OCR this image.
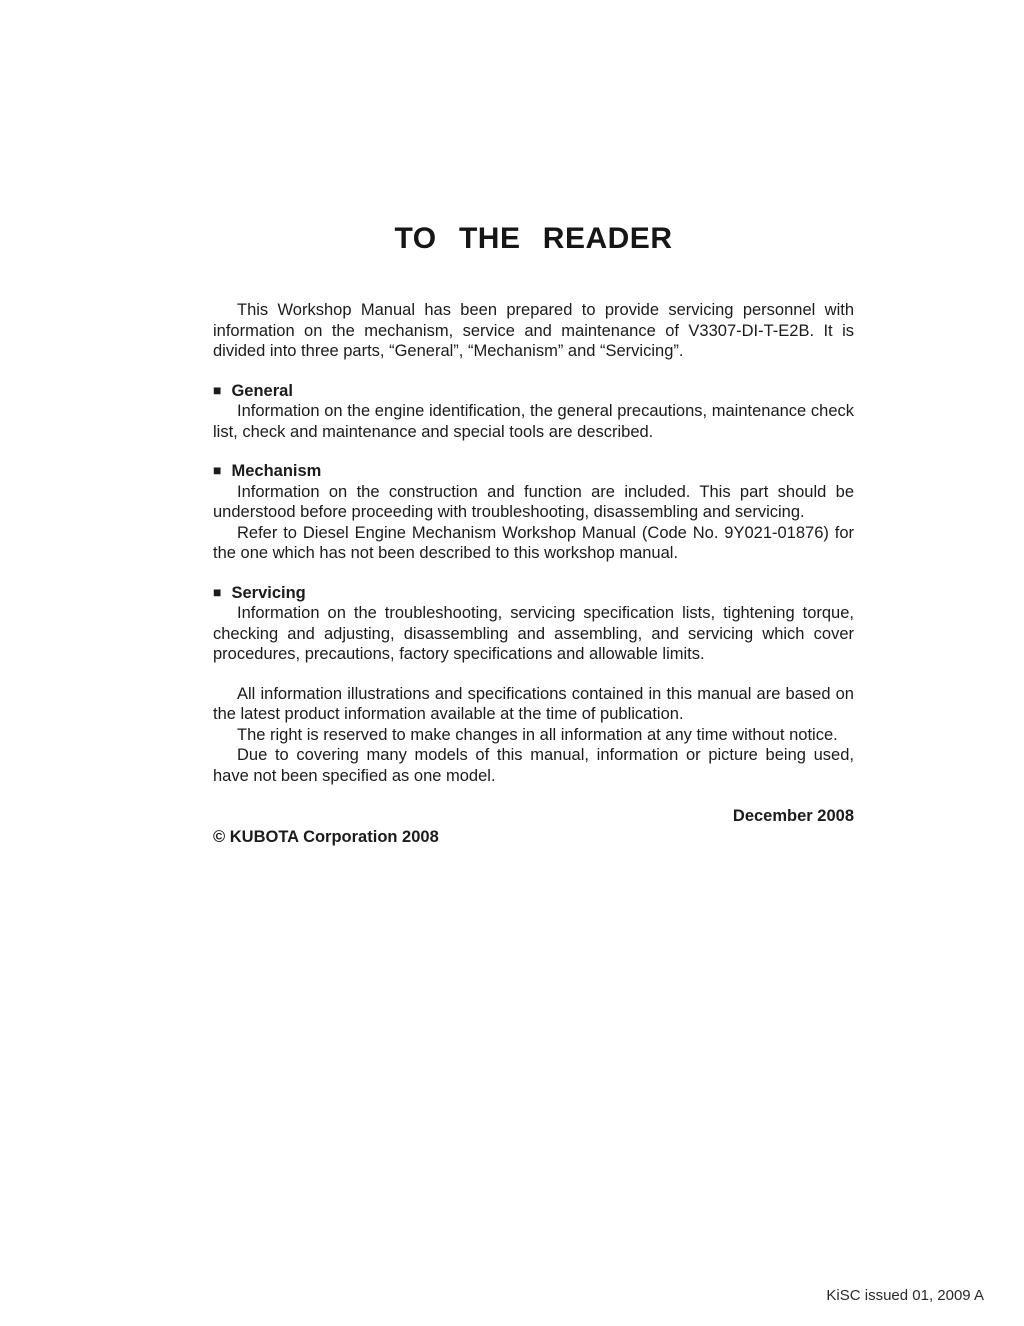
TO THE READER

This Workshop Manual has been prepared to provide servicing personnel with information on the mechanism, service and maintenance of V3307-DI-T-E2B. It is divided into three parts, “General”, “Mechanism” and “Servicing”.

■ General

Information on the engine identification, the general precautions, maintenance check list, check and maintenance and special tools are described.

■ Mechanism

Information on the construction and function are included. This part should be understood before proceeding with troubleshooting, disassembling and servicing.

Refer to Diesel Engine Mechanism Workshop Manual (Code No. 9Y021-01876) for the one which has not been described to this workshop manual.

■ Servicing

Information on the troubleshooting, servicing specification lists, tightening torque, checking and adjusting, disassembling and assembling, and servicing which cover procedures, precautions, factory specifications and allowable limits.

All information illustrations and specifications contained in this manual are based on the latest product information available at the time of publication.

The right is reserved to make changes in all information at any time without notice.

Due to covering many models of this manual, information or picture being used, have not been specified as one model.

December 2008
© KUBOTA Corporation 2008
KiSC issued 01, 2009 A
